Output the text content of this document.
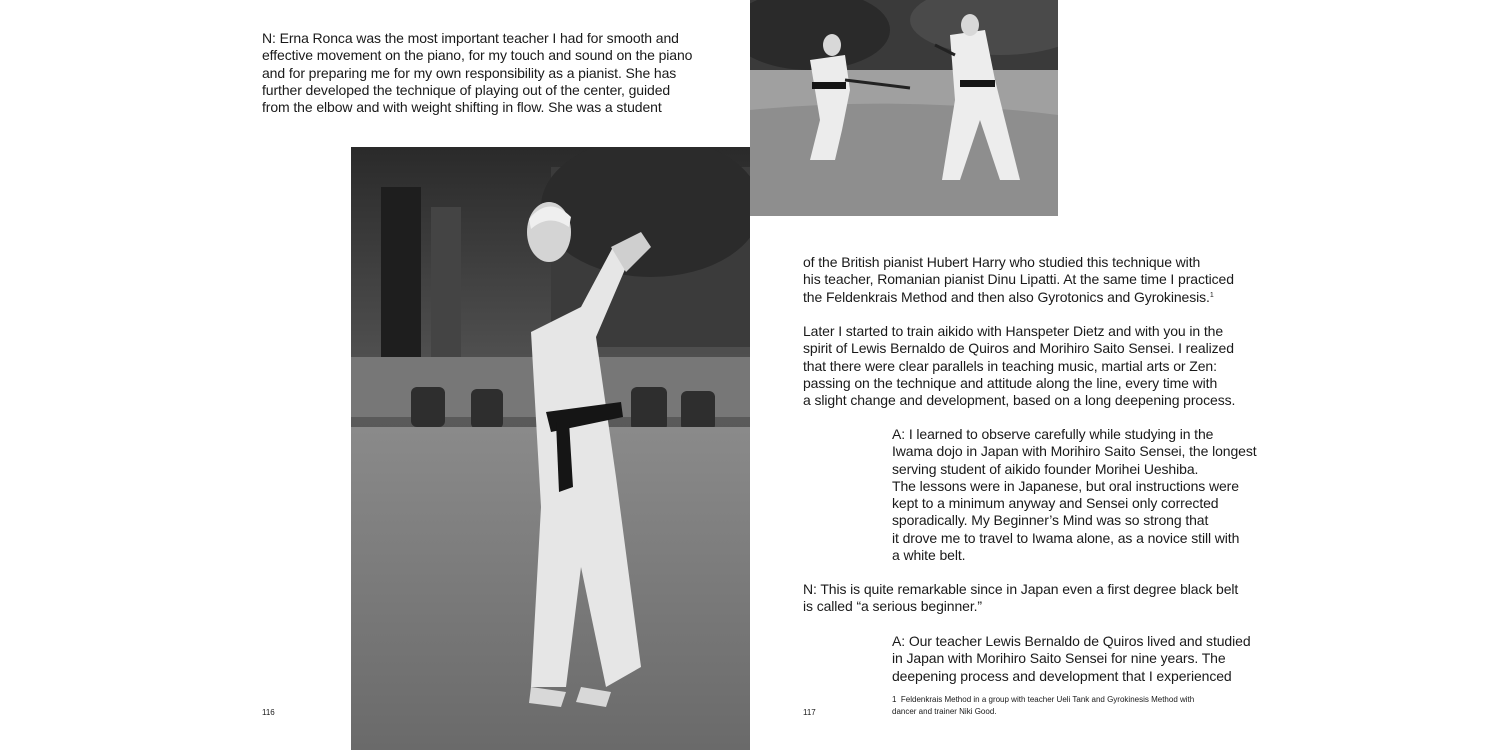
N: Erna Ronca was the most important teacher I had for smooth and
effective movement on the piano, for my touch and sound on the piano
and for preparing me for my own responsibility as a pianist. She has
further developed the technique of playing out of the center, guided
from the elbow and with weight shifting in flow. She was a student
116
of the British pianist Hubert Harry who studied this technique with
his teacher, Romanian pianist Dinu Lipatti. At the same time I practiced
the Feldenkrais Method and then also Gyrotonics and Gyrokinesis.$^1$
Later I started to train aikido with Hanspeter Dietz and with you in the
spirit of Lewis Bernaldo de Quiros and Morihiro Saito Sensei. I realized
that there were clear parallels in teaching music, martial arts or Zen:
passing on the technique and attitude along the line, every time with
a slight change and development, based on a long deepening process.
A: I learned to observe carefully while studying in the
Iwama dojo in Japan with Morihiro Saito Sensei, the longest
serving student of aikido founder Morihei Ueshiba.
The lessons were in Japanese, but oral instructions were
kept to a minimum anyway and Sensei only corrected
sporadically. My Beginner’s Mind was so strong that
it drove me to travel to Iwama alone, as a novice still with
a white belt.
N: This is quite remarkable since in Japan even a first degree black belt
is called “a serious beginner.”
A: Our teacher Lewis Bernaldo de Quiros lived and studied
in Japan with Morihiro Saito Sensei for nine years. The
deepening process and development that I experienced
1  Feldenkrais Method in a group with teacher Ueli Tank and Gyrokinesis Method with
dancer and trainer Niki Good.
117
